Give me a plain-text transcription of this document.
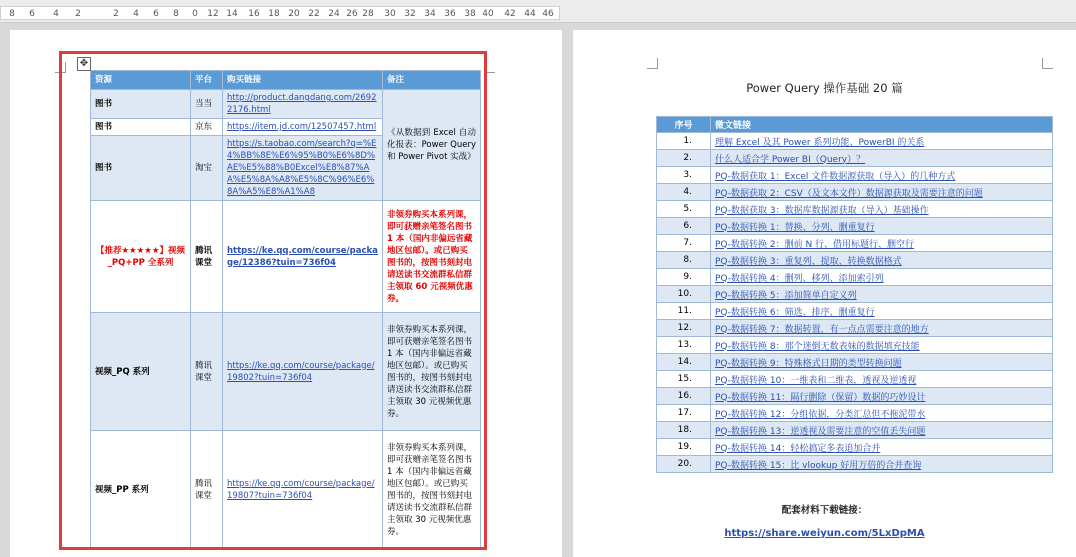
8	6	4	2	2	4	6	8	0	12 14	16 18 20 22 24 26 28	30 32 34 36 38 40	42 44 46
资源	平台	购买链接	备注
图书	当当	http://product.dangdang.com/26922176.html	《从数据到 Excel 自动化报表：Power Query 和 Power Pivot 实战》
图书	京东	https://item.jd.com/12507457.html	
图书	淘宝	https://s.taobao.com/search?q=%E4%BB%8E%E6%95%B0%E6%8D%AE%E5%88%B0Excel%E8%87%AA%E5%8A%A8%E5%8C%96%E6%8A%A5%E8%A1%A8	
【推荐★★★★★】视频_PQ+PP 全系列	腾讯课堂	https://ke.qq.com/course/package/12386?tuin=736f04	非领券购买本系列课，即可获赠亲笔签名图书 1 本（国内非偏远省藏地区包邮）。或已购买图书的，按图书刻封电请送读书交流群私信群主领取 60 元视频优惠券。
视频_PQ 系列	腾讯课堂	https://ke.qq.com/course/package/19802?tuin=736f04	非领券购买本系列课，即可获赠亲笔签名图书 1 本（国内非偏远省藏地区包邮）。或已购买图书的，按图书刻封电请送读书交流群私信群主领取 30 元视频优惠券。
视频_PP 系列	腾讯课堂	https://ke.qq.com/course/package/19807?tuin=736f04	非领券购买本系列课，即可获赠亲笔签名图书 1 本（国内非偏远省藏地区包邮）。或已购买图书的，按图书刻封电请送读书交流群私信群主领取 30 元视频优惠券。
✥
Power Query 操作基础 20 篇
序号	微文链接
1.	理解 Excel 及其 Power 系列功能、PowerBI 的关系
2.	什么人适合学 Power BI（Query）？
3.	PQ-数据获取 1：Excel 文件数据源获取（导入）的几种方式
4.	PQ-数据获取 2：CSV（及文本文件）数据源获取及需要注意的问题
5.	PQ-数据获取 3：数据库数据源获取（导入）基础操作
6.	PQ-数据转换 1：替换、分列、删重复行
7.	PQ-数据转换 2：删前 N 行、借用标题行、删空行
8.	PQ-数据转换 3：重复列、提取、转换数据格式
9.	PQ-数据转换 4：删列、移列、添加索引列
10.	PQ-数据转换 5：添加简单自定义列
11.	PQ-数据转换 6：筛选、排序、删重复行
12.	PQ-数据转换 7：数据转置，有一点点需要注意的地方
13.	PQ-数据转换 8：那个迷倒无数表妹的数据填充技能
14.	PQ-数据转换 9：特殊格式日期的类型转换问题
15.	PQ-数据转换 10：一维表和二维表，透视及逆透视
16.	PQ-数据转换 11：隔行删除（保留）数据的巧妙设计
17.	PQ-数据转换 12：分组依据，分类汇总但不拖泥带水
18.	PQ-数据转换 13：逆透视及需要注意的空值丢失问题
19.	PQ-数据转换 14：轻松搞定多表追加合并
20.	PQ-数据转换 15：比 vlookup 好用万倍的合并查询
配套材料下载链接：
https://share.weiyun.com/5LxDpMA
